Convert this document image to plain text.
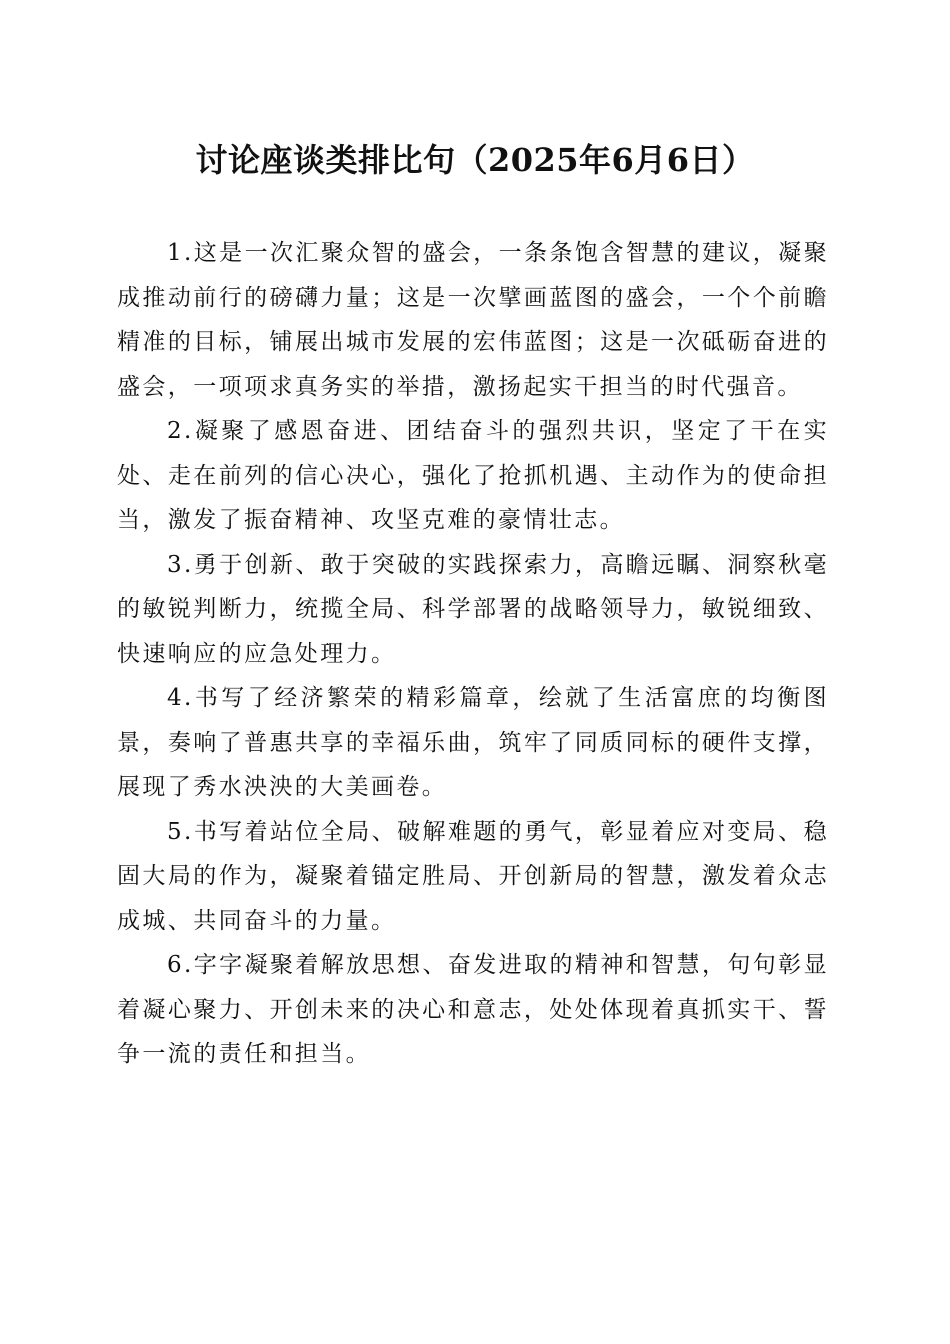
讨论座谈类排比句（2025年6月6日）

1.这是一次汇聚众智的盛会，一条条饱含智慧的建议，凝聚成推动前行的磅礴力量；这是一次擘画蓝图的盛会，一个个前瞻精准的目标，铺展出城市发展的宏伟蓝图；这是一次砥砺奋进的盛会，一项项求真务实的举措，激扬起实干担当的时代强音。

2.凝聚了感恩奋进、团结奋斗的强烈共识，坚定了干在实处、走在前列的信心决心，强化了抢抓机遇、主动作为的使命担当，激发了振奋精神、攻坚克难的豪情壮志。

3.勇于创新、敢于突破的实践探索力，高瞻远瞩、洞察秋毫的敏锐判断力，统揽全局、科学部署的战略领导力，敏锐细致、快速响应的应急处理力。

4.书写了经济繁荣的精彩篇章，绘就了生活富庶的均衡图景，奏响了普惠共享的幸福乐曲，筑牢了同质同标的硬件支撑，展现了秀水泱泱的大美画卷。

5.书写着站位全局、破解难题的勇气，彰显着应对变局、稳固大局的作为，凝聚着锚定胜局、开创新局的智慧，激发着众志成城、共同奋斗的力量。

6.字字凝聚着解放思想、奋发进取的精神和智慧，句句彰显着凝心聚力、开创未来的决心和意志，处处体现着真抓实干、誓争一流的责任和担当。
